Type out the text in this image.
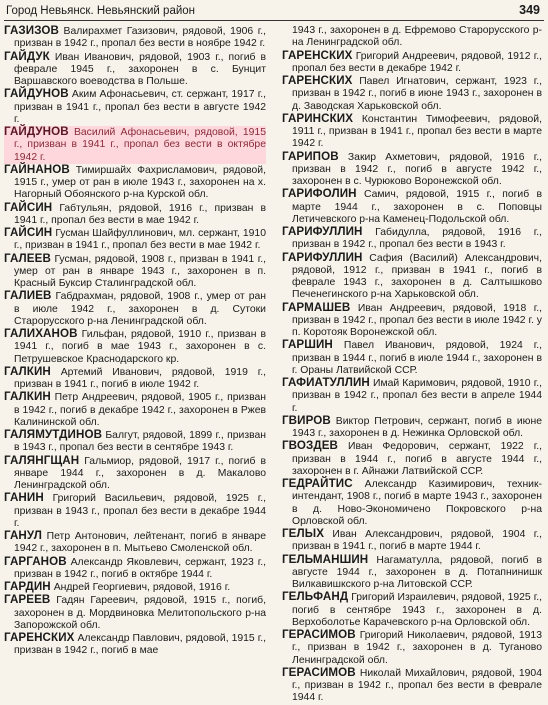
Город Невьянск. Невьянский район	349

ГАЗИЗОВ Валирахмет Газизович, рядовой, 1906 г., призван в 1942 г., пропал без вести в ноябре 1942 г.

ГАЙДУК Иван Иванович, рядовой, 1903 г., погиб в феврале 1945 г., захоронен в с. Бунцит Варшавского воеводства в Польше.

ГАЙДУНОВ Аким Афонасьевич, ст. сержант, 1917 г., призван в 1941 г., пропал без вести в августе 1942 г.

ГАЙДУНОВ Василий Афонасьевич, рядовой, 1915 г., призван в 1941 г., пропал без вести в октябре 1942 г.

ГАЙНАНОВ Тимиршайх Фахрисламович, рядовой, 1915 г., умер от ран в июле 1943 г., захоронен на х. Нагорный Обоянского р-на Курской обл.

ГАЙСИН Габтульян, рядовой, 1916 г., призван в 1941 г., пропал без вести в мае 1942 г.

ГАЙСИН Гусман Шайфуллинович, мл. сержант, 1910 г., призван в 1941 г., пропал без вести в мае 1942 г.

ГАЛЕЕВ Гусман, рядовой, 1908 г., призван в 1941 г., умер от ран в январе 1943 г., захоронен в п. Красный Буксир Сталинградской обл.

ГАЛИЕВ Габдрахман, рядовой, 1908 г., умер от ран в июле 1942 г., захоронен в д. Сутоки Старорусского р-на Ленинградской обл.

ГАЛИХАНОВ Гильфан, рядовой, 1910 г., призван в 1941 г., погиб в мае 1943 г., захоронен в с. Петрушевское Краснодарского кр.

ГАЛКИН Артемий Иванович, рядовой, 1919 г., призван в 1941 г., погиб в июле 1942 г.

ГАЛКИН Петр Андреевич, рядовой, 1905 г., призван в 1942 г., погиб в декабре 1942 г., захоронен в Ржев Калининской обл.

ГАЛЯМУТДИНОВ Балгут, рядовой, 1899 г., призван в 1943 г., пропал без вести в сентябре 1943 г.

ГАЛЯНГЩАН Гальмиор, рядовой, 1917 г., погиб в январе 1944 г., захоронен в д. Макалово Ленинградской обл.

ГАНИН Григорий Васильевич, рядовой, 1925 г., призван в 1943 г., пропал без вести в декабре 1944 г.

ГАНУЛ Петр Антонович, лейтенант, погиб в январе 1942 г., захоронен в п. Мытьево Смоленской обл.

ГАРГАНОВ Александр Яковлевич, сержант, 1923 г., призван в 1942 г., погиб в октябре 1944 г.

ГАРДИН Андрей Георгиевич, рядовой, 1916 г.

ГАРЕЕВ Гадян Гареевич, рядовой, 1915 г., погиб, захоронен в д. Мордвиновка Мелитопольского р-на Запорожской обл.

ГАРЕНСКИХ Александр Павлович, рядовой, 1915 г., призван в 1942 г., погиб в мае

1943 г., захоронен в д. Ефремово Старорусского р-на Ленинградской обл.

ГАРЕНСКИХ Григорий Андреевич, рядовой, 1912 г., пропал без вести в декабре 1942 г.

ГАРЕНСКИХ Павел Игнатович, сержант, 1923 г., призван в 1942 г., погиб в июне 1943 г., захоронен в д. Заводская Харьковской обл.

ГАРИНСКИХ Константин Тимофеевич, рядовой, 1911 г., призван в 1941 г., пропал без вести в марте 1942 г.

ГАРИПОВ Закир Ахметович, рядовой, 1916 г., призван в 1942 г., погиб в августе 1942 г., захоронен в с. Чурюково Воронежской обл.

ГАРИФОЛИН Самич, рядовой, 1915 г., погиб в марте 1944 г., захоронен в с. Поповцы Летичевского р-на Каменец-Подольской обл.

ГАРИФУЛЛИН Габидулла, рядовой, 1916 г., призван в 1942 г., пропал без вести в 1943 г.

ГАРИФУЛЛИН Сафия (Василий) Александрович, рядовой, 1912 г., призван в 1941 г., погиб в феврале 1943 г., захоронен в д. Салтышково Печенегинского р-на Харьковской обл.

ГАРМАШЕВ Иван Андреевич, рядовой, 1918 г., призван в 1942 г., пропал без вести в июле 1942 г. у п. Коротояк Воронежской обл.

ГАРШИН Павел Иванович, рядовой, 1924 г., призван в 1944 г., погиб в июле 1944 г., захоронен в г. Ораны Латвийской ССР.

ГАФИАТУЛЛИН Имай Каримович, рядовой, 1910 г., призван в 1942 г., пропал без вести в апреле 1944 г.

ГВИРОВ Виктор Петрович, сержант, погиб в июне 1943 г., захоронен в д. Нежинка Орловской обл.

ГВОЗДЕВ Иван Федорович, сержант, 1922 г., призван в 1944 г., погиб в августе 1944 г., захоронен в г. Айнажи Латвийской ССР.

ГЕДРАЙТИС Александр Казимирович, техник-интендант, 1908 г., погиб в марте 1943 г., захоронен в д. Ново-Экономичено Покровского р-на Орловской обл.

ГЕЛЫХ Иван Александрович, рядовой, 1904 г., призван в 1941 г., погиб в марте 1944 г.

ГЕЛЬМАНШИН Нагаматулла, рядовой, погиб в августе 1944 г., захоронен в д. Потапнинишк Вилкавишкского р-на Литовской ССР.

ГЕЛЬФАНД Григорий Израилевич, рядовой, 1925 г., погиб в сентябре 1943 г., захоронен в д. Верхоболотье Карачевского р-на Орловской обл.

ГЕРАСИМОВ Григорий Николаевич, рядовой, 1913 г., призван в 1942 г., захоронен в д. Туганово Ленинградской обл.

ГЕРАСИМОВ Николай Михайлович, рядовой, 1904 г., призван в 1942 г., пропал без вести в феврале 1944 г.
